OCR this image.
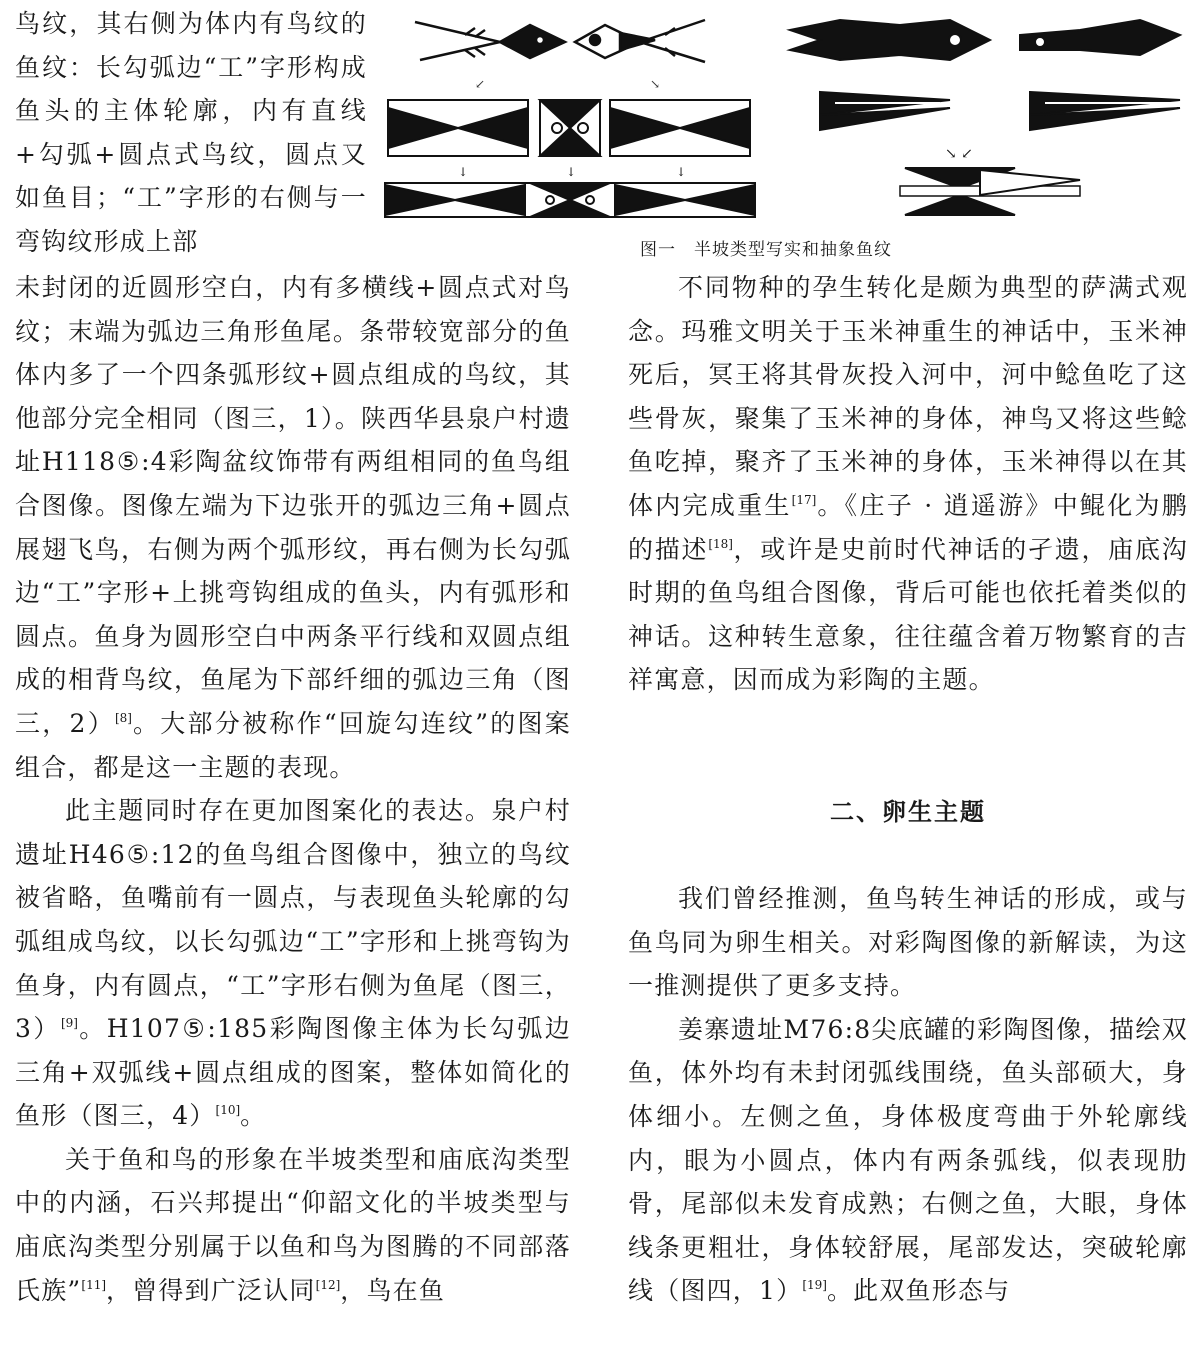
鸟纹，其右侧为体内有鸟纹的鱼纹：长勾弧边“工”字形构成鱼头的主体轮廓，内有直线+勾弧+圆点式鸟纹，圆点又如鱼目；“工”字形的右侧与一弯钩纹形成上部

↙	↘
↓	↓	↓
↘ ↙
图一　半坡类型写实和抽象鱼纹

未封闭的近圆形空白，内有多横线+圆点式对鸟纹；末端为弧边三角形鱼尾。条带较宽部分的鱼体内多了一个四条弧形纹+圆点组成的鸟纹，其他部分完全相同（图三，1）。陕西华县泉户村遗址H118⑤:4彩陶盆纹饰带有两组相同的鱼鸟组合图像。图像左端为下边张开的弧边三角+圆点展翅飞鸟，右侧为两个弧形纹，再右侧为长勾弧边“工”字形+上挑弯钩组成的鱼头，内有弧形和圆点。鱼身为圆形空白中两条平行线和双圆点组成的相背鸟纹，鱼尾为下部纤细的弧边三角（图三，2）[8]。大部分被称作“回旋勾连纹”的图案组合，都是这一主题的表现。

此主题同时存在更加图案化的表达。泉户村遗址H46⑤:12的鱼鸟组合图像中，独立的鸟纹被省略，鱼嘴前有一圆点，与表现鱼头轮廓的勾弧组成鸟纹，以长勾弧边“工”字形和上挑弯钩为鱼身，内有圆点，“工”字形右侧为鱼尾（图三，3）[9]。H107⑤:185彩陶图像主体为长勾弧边三角+双弧线+圆点组成的图案，整体如简化的鱼形（图三，4）[10]。

关于鱼和鸟的形象在半坡类型和庙底沟类型中的内涵，石兴邦提出“仰韶文化的半坡类型与庙底沟类型分别属于以鱼和鸟为图腾的不同部落氏族”[11]，曾得到广泛认同[12]，鸟在鱼

不同物种的孕生转化是颇为典型的萨满式观念。玛雅文明关于玉米神重生的神话中，玉米神死后，冥王将其骨灰投入河中，河中鲶鱼吃了这些骨灰，聚集了玉米神的身体，神鸟又将这些鲶鱼吃掉，聚齐了玉米神的身体，玉米神得以在其体内完成重生[17]。《庄子 · 逍遥游》中鲲化为鹏的描述[18]，或许是史前时代神话的孑遗，庙底沟时期的鱼鸟组合图像，背后可能也依托着类似的神话。这种转生意象，往往蕴含着万物繁育的吉祥寓意，因而成为彩陶的主题。

二、卵生主题

我们曾经推测，鱼鸟转生神话的形成，或与鱼鸟同为卵生相关。对彩陶图像的新解读，为这一推测提供了更多支持。

姜寨遗址M76:8尖底罐的彩陶图像，描绘双鱼，体外均有未封闭弧线围绕，鱼头部硕大，身体细小。左侧之鱼，身体极度弯曲于外轮廓线内，眼为小圆点，体内有两条弧线，似表现肋骨，尾部似未发育成熟；右侧之鱼，大眼，身体线条更粗壮，身体较舒展，尾部发达，突破轮廓线（图四，1）[19]。此双鱼形态与
